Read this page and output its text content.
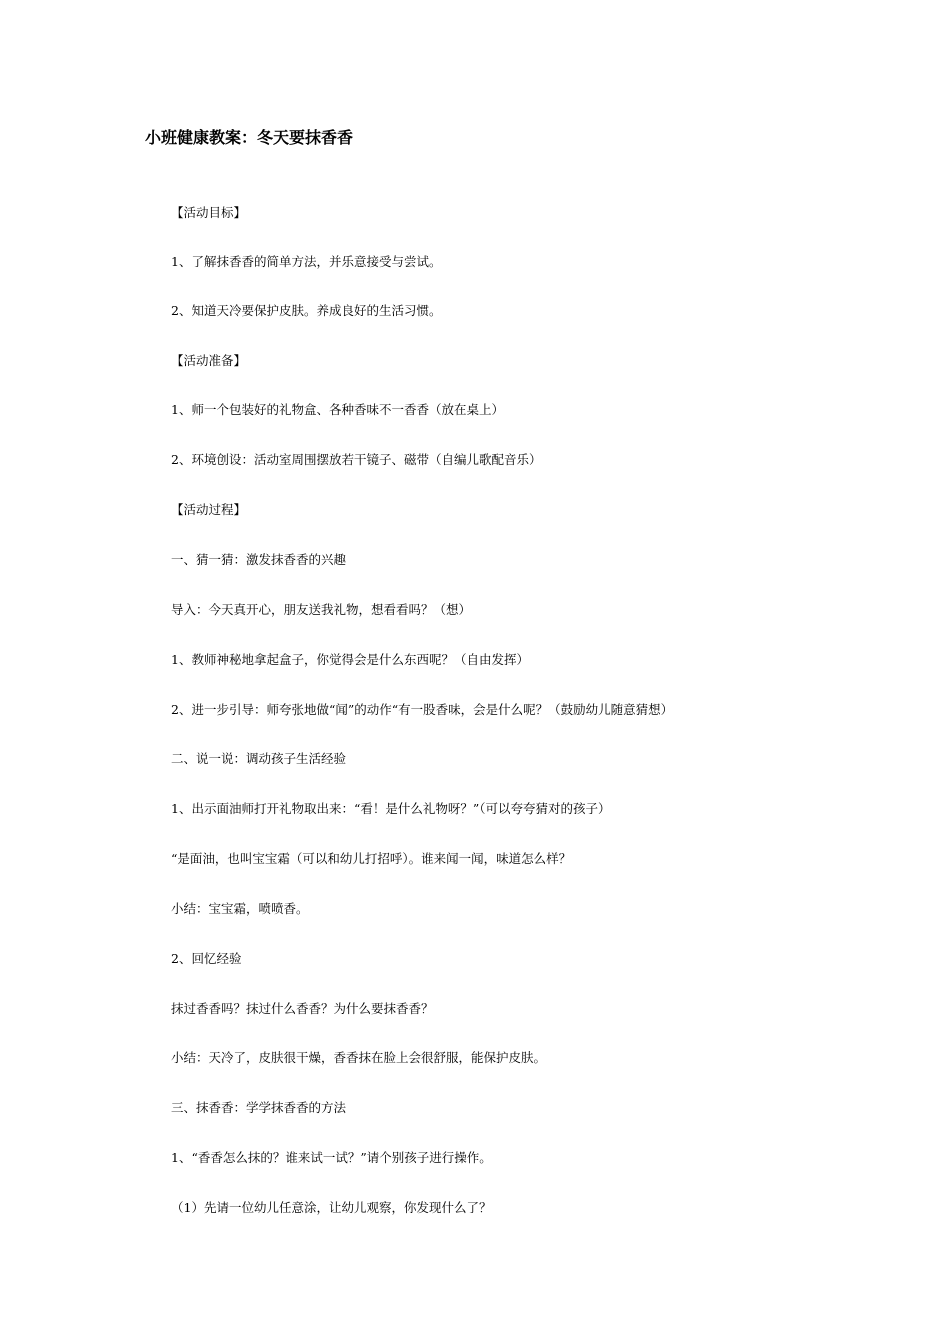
小班健康教案：冬天要抹香香
【活动目标】
1、了解抹香香的简单方法，并乐意接受与尝试。
2、知道天冷要保护皮肤。养成良好的生活习惯。
【活动准备】
1、师一个包装好的礼物盒、各种香味不一香香（放在桌上）
2、环境创设：活动室周围摆放若干镜子、磁带（自编儿歌配音乐）
【活动过程】
一、猜一猜：激发抹香香的兴趣
导入：今天真开心，朋友送我礼物，想看看吗？（想）
1、教师神秘地拿起盒子，你觉得会是什么东西呢？（自由发挥）
2、进一步引导：师夸张地做“闻”的动作“有一股香味，会是什么呢？（鼓励幼儿随意猜想）
二、说一说：调动孩子生活经验
1、出示面油师打开礼物取出来：“看！是什么礼物呀？”（可以夸夸猜对的孩子）
“是面油，也叫宝宝霜（可以和幼儿打招呼）。谁来闻一闻，味道怎么样？
小结：宝宝霜，喷喷香。
2、回忆经验
抹过香香吗？抹过什么香香？为什么要抹香香？
小结：天冷了，皮肤很干燥，香香抹在脸上会很舒服，能保护皮肤。
三、抹香香：学学抹香香的方法
1、“香香怎么抹的？谁来试一试？”请个别孩子进行操作。
（1）先请一位幼儿任意涂，让幼儿观察，你发现什么了？
